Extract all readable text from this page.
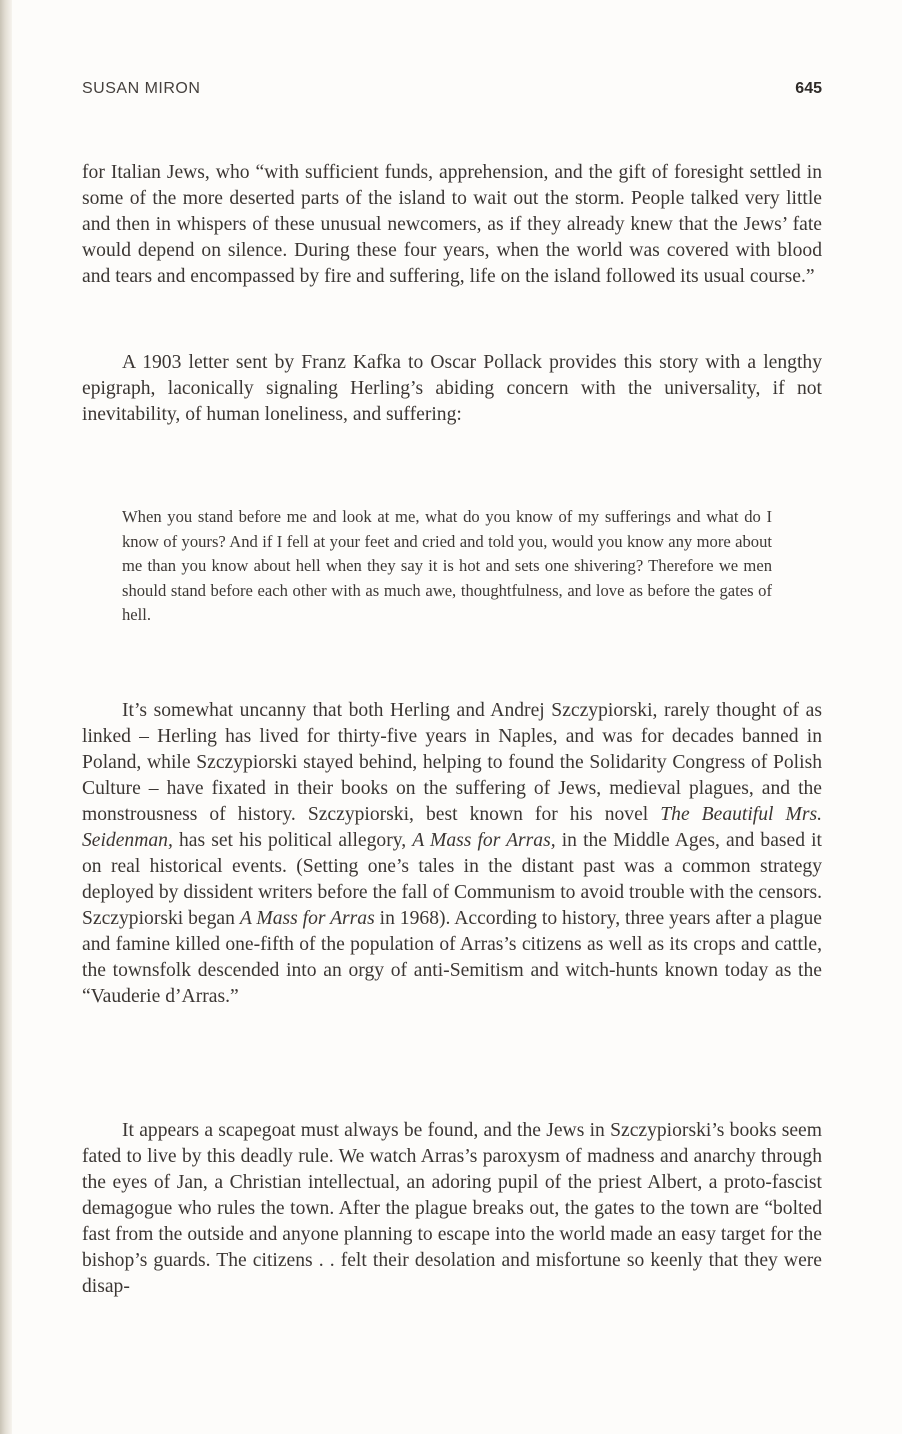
SUSAN MIRON	645

for Italian Jews, who “with sufficient funds, apprehension, and the gift of foresight settled in some of the more deserted parts of the island to wait out the storm. People talked very little and then in whispers of these unusual newcomers, as if they already knew that the Jews’ fate would depend on silence. During these four years, when the world was covered with blood and tears and encompassed by fire and suffering, life on the island followed its usual course.”

A 1903 letter sent by Franz Kafka to Oscar Pollack provides this story with a lengthy epigraph, laconically signaling Herling’s abiding concern with the universality, if not inevitability, of human loneliness, and suffering:

When you stand before me and look at me, what do you know of my sufferings and what do I know of yours? And if I fell at your feet and cried and told you, would you know any more about me than you know about hell when they say it is hot and sets one shivering? Therefore we men should stand before each other with as much awe, thoughtfulness, and love as before the gates of hell.

It’s somewhat uncanny that both Herling and Andrej Szczypiorski, rarely thought of as linked – Herling has lived for thirty-five years in Naples, and was for decades banned in Poland, while Szczypiorski stayed behind, helping to found the Solidarity Congress of Polish Culture – have fixated in their books on the suffering of Jews, medieval plagues, and the monstrousness of history. Szczypiorski, best known for his novel The Beautiful Mrs. Seidenman, has set his political allegory, A Mass for Arras, in the Middle Ages, and based it on real historical events. (Setting one’s tales in the distant past was a common strategy deployed by dissident writers before the fall of Communism to avoid trouble with the censors. Szczypiorski began A Mass for Arras in 1968). According to history, three years after a plague and famine killed one-fifth of the population of Arras’s citizens as well as its crops and cattle, the townsfolk descended into an orgy of anti-Semitism and witch-hunts known today as the “Vauderie d’Arras.”

It appears a scapegoat must always be found, and the Jews in Szczypiorski’s books seem fated to live by this deadly rule. We watch Arras’s paroxysm of madness and anarchy through the eyes of Jan, a Christian intellectual, an adoring pupil of the priest Albert, a proto-fascist demagogue who rules the town. After the plague breaks out, the gates to the town are “bolted fast from the outside and anyone planning to escape into the world made an easy target for the bishop’s guards. The citizens . . felt their desolation and misfortune so keenly that they were disap-
